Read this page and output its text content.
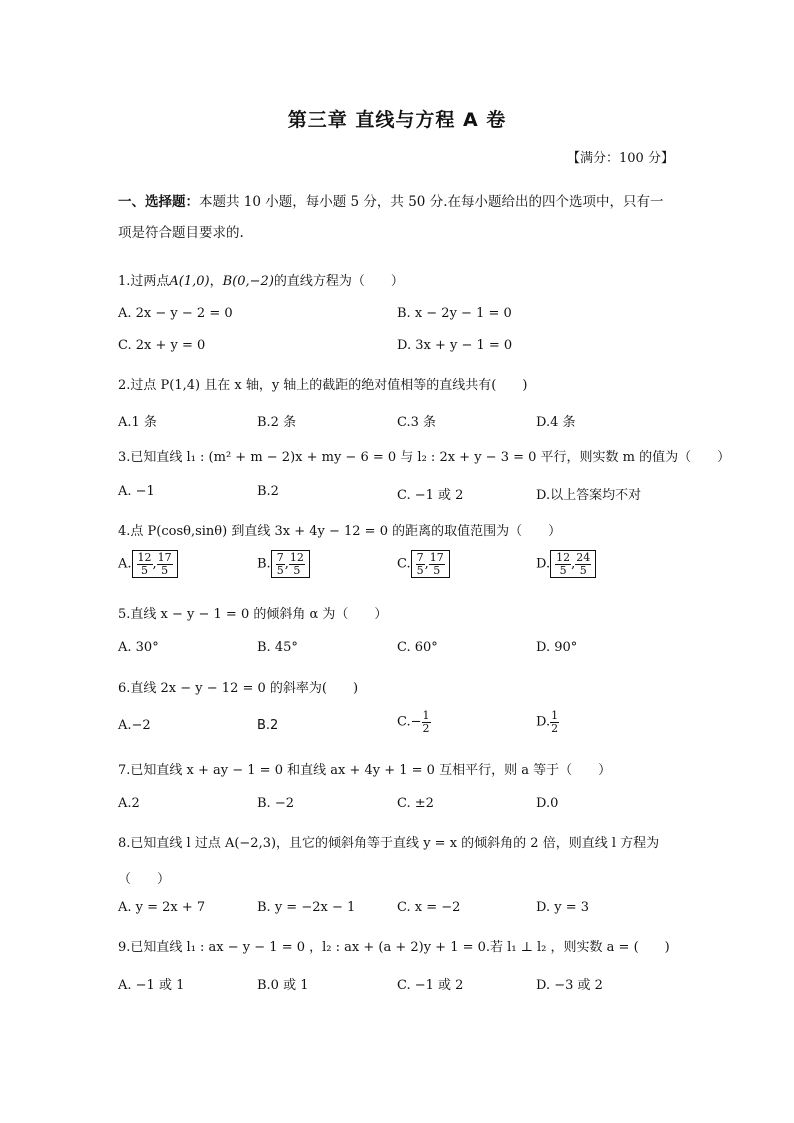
第三章 直线与方程 A 卷
【满分：100 分】
一、选择题：本题共 10 小题，每小题 5 分，共 50 分.在每小题给出的四个选项中，只有一
项是符合题目要求的.
1.过两点A(1,0)，B(0,−2)的直线方程为（　　）
A. 2x − y − 2 = 0	B. x − 2y − 1 = 0
C. 2x + y = 0	D. 3x + y − 1 = 0
2.过点 P(1,4) 且在 x 轴，y 轴上的截距的绝对值相等的直线共有(　　)
A.1 条	B.2 条	C.3 条	D.4 条
3.已知直线 l₁ : (m² + m − 2)x + my − 6 = 0 与 l₂ : 2x + y − 3 = 0 平行，则实数 m 的值为（　　）
A. −1	B.2	C. −1 或 2	D.以上答案均不对
4.点 P(cosθ,sinθ) 到直线 3x + 4y − 12 = 0 的距离的取值范围为（　　）
A. $\frac{12}{5}$ , $\frac{17}{5}$	B. $\frac{7}{5}$ , $\frac{12}{5}$	C. $\frac{7}{5}$ , $\frac{17}{5}$	D. $\frac{12}{5}$ , $\frac{24}{5}$
5.直线 x − y − 1 = 0 的倾斜角 α 为（　　）
A. 30°	B. 45°	C. 60°	D. 90°
6.直线 2x − y − 12 = 0 的斜率为(　　)
A.−2	B.2	$C.- \frac{1}{2}$	D. $\frac{1}{2}$
7.已知直线 x + ay − 1 = 0 和直线 ax + 4y + 1 = 0 互相平行，则 a 等于（　　）
A.2	B. −2	C. ±2	D.0
8.已知直线 l 过点 A(−2,3)，且它的倾斜角等于直线 y = x 的倾斜角的 2 倍，则直线 l 方程为
（　　）
A. y = 2x + 7	B. y = −2x − 1	C. x = −2	D. y = 3
9.已知直线 l₁ : ax − y − 1 = 0 ，l₂ : ax + (a + 2)y + 1 = 0.若 l₁ ⊥ l₂ ，则实数 a = (　　)
A. −1 或 1	B.0 或 1	C. −1 或 2	D. −3 或 2
